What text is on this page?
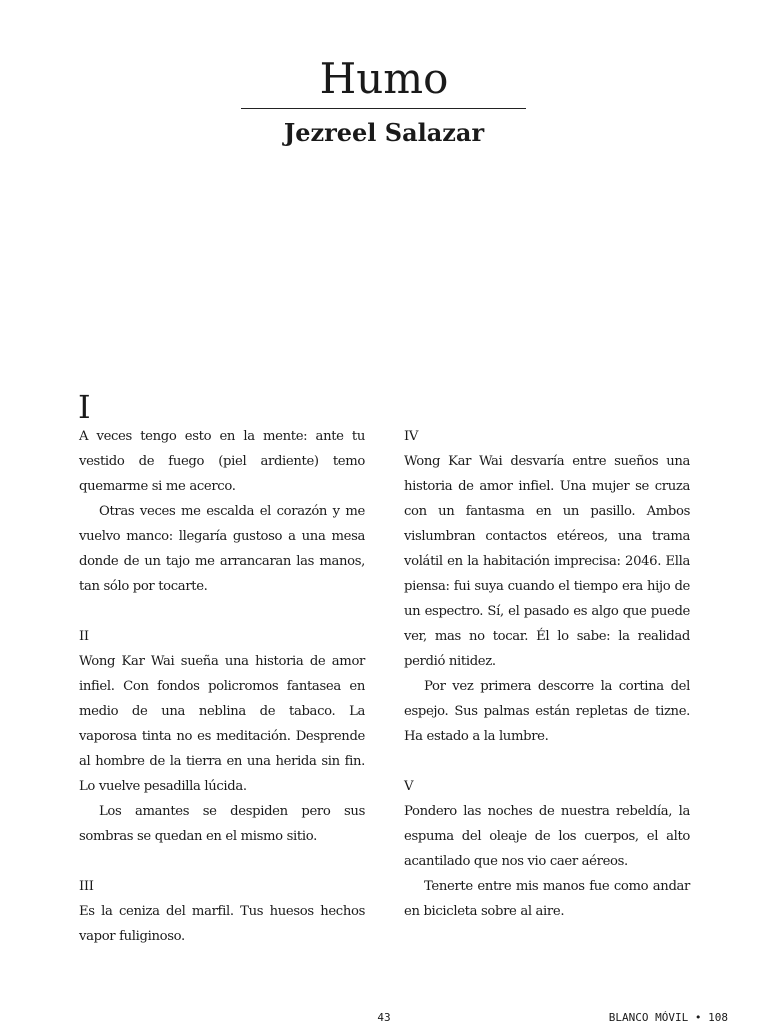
Humo
Jezreel Salazar
I
A veces tengo esto en la mente: ante tu vestido de fuego (piel ardiente) temo quemarme si me acerco.
Otras veces me escalda el corazón y me vuelvo manco: llegaría gustoso a una mesa donde de un tajo me arrancaran las manos, tan sólo por tocarte.
II
Wong Kar Wai sueña una historia de amor infiel. Con fondos policromos fantasea en medio de una neblina de tabaco. La vaporosa tinta no es meditación. Desprende al hombre de la tierra en una herida sin fin. Lo vuelve pesadilla lúcida.
Los amantes se despiden pero sus sombras se quedan en el mismo sitio.
III
Es la ceniza del marfil. Tus huesos hechos vapor fuliginoso.
IV
Wong Kar Wai desvaría entre sueños una historia de amor infiel. Una mujer se cruza con un fantasma en un pasillo. Ambos vislumbran contactos etéreos, una trama volátil en la habitación imprecisa: 2046. Ella piensa: fui suya cuando el tiempo era hijo de un espectro. Sí, el pasado es algo que puede ver, mas no tocar. Él lo sabe: la realidad perdió nitidez.
Por vez primera descorre la cortina del espejo. Sus palmas están repletas de tizne. Ha estado a la lumbre.
V
Pondero las noches de nuestra rebeldía, la espuma del oleaje de los cuerpos, el alto acantilado que nos vio caer aéreos.
Tenerte entre mis manos fue como andar en bicicleta sobre al aire.
43	BLANCO MÓVIL • 108
